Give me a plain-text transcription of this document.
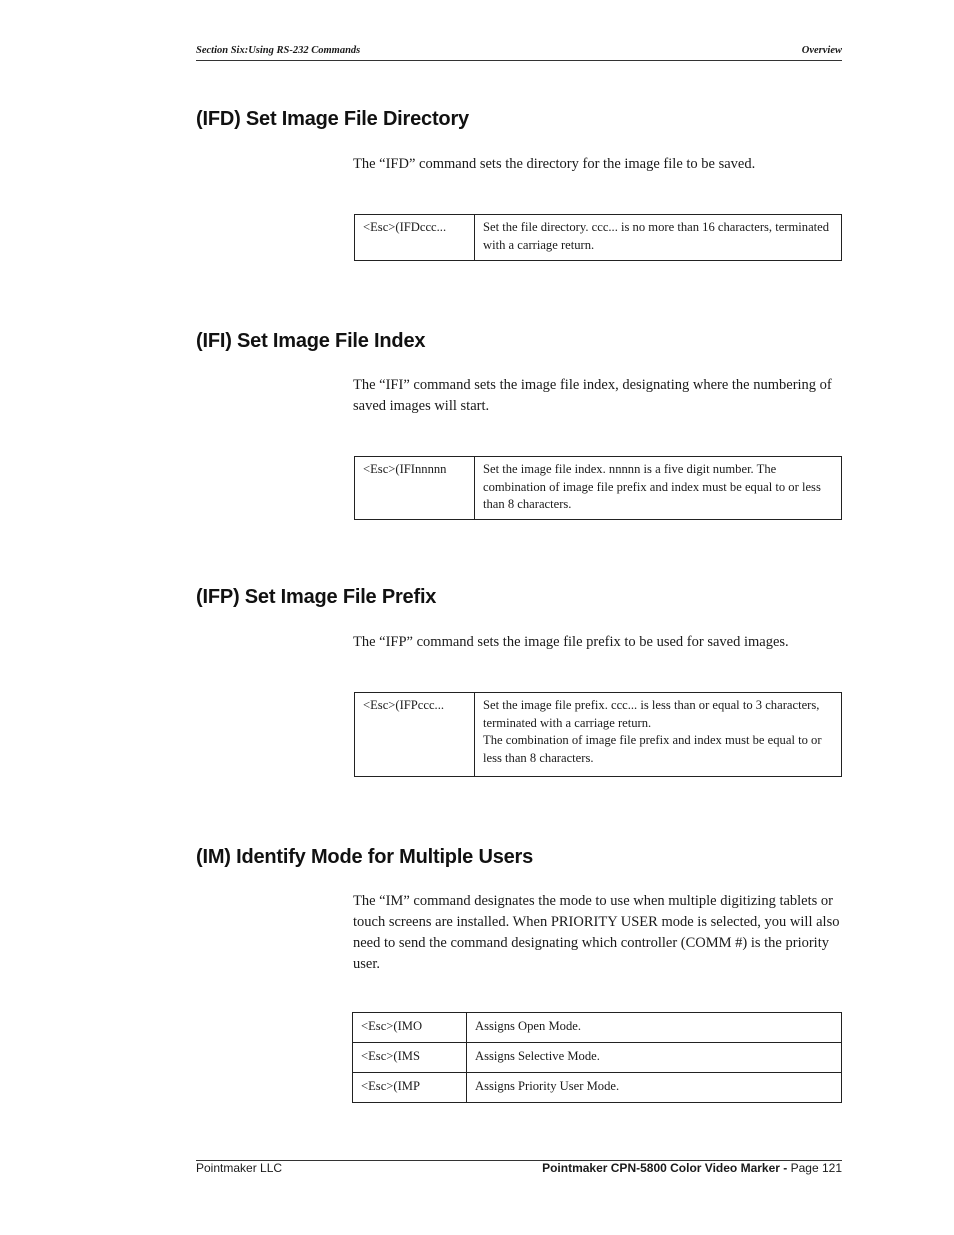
Section Six:Using RS-232 Commands	Overview
(IFD) Set Image File Directory

The “IFD” command sets the directory for the image file to be saved.

<Esc>(IFDccc...	Set the file directory. ccc... is no more than 16 characters, terminated with a carriage return.
(IFI) Set Image File Index

The “IFI” command sets the image file index, designating where the numbering of saved images will start.

<Esc>(IFInnnnn	Set the image file index. nnnnn is a five digit number. The combination of image file prefix and index must be equal to or less than 8 characters.
(IFP) Set Image File Prefix

The “IFP” command sets the image file prefix to be used for saved images.

<Esc>(IFPccc...	Set the image file prefix. ccc... is less than or equal to 3 characters, terminated with a carriage return.
The combination of image file prefix and index must be equal to or less than 8 characters.
(IM) Identify Mode for Multiple Users

The “IM” command designates the mode to use when multiple digitizing tablets or touch screens are installed. When PRIORITY USER mode is selected, you will also need to send the command designating which controller (COMM #) is the priority user.

<Esc>(IMO	Assigns Open Mode.
<Esc>(IMS	Assigns Selective Mode.
<Esc>(IMP	Assigns Priority User Mode.
Pointmaker LLC	Pointmaker CPN-5800 Color Video Marker - Page 121
